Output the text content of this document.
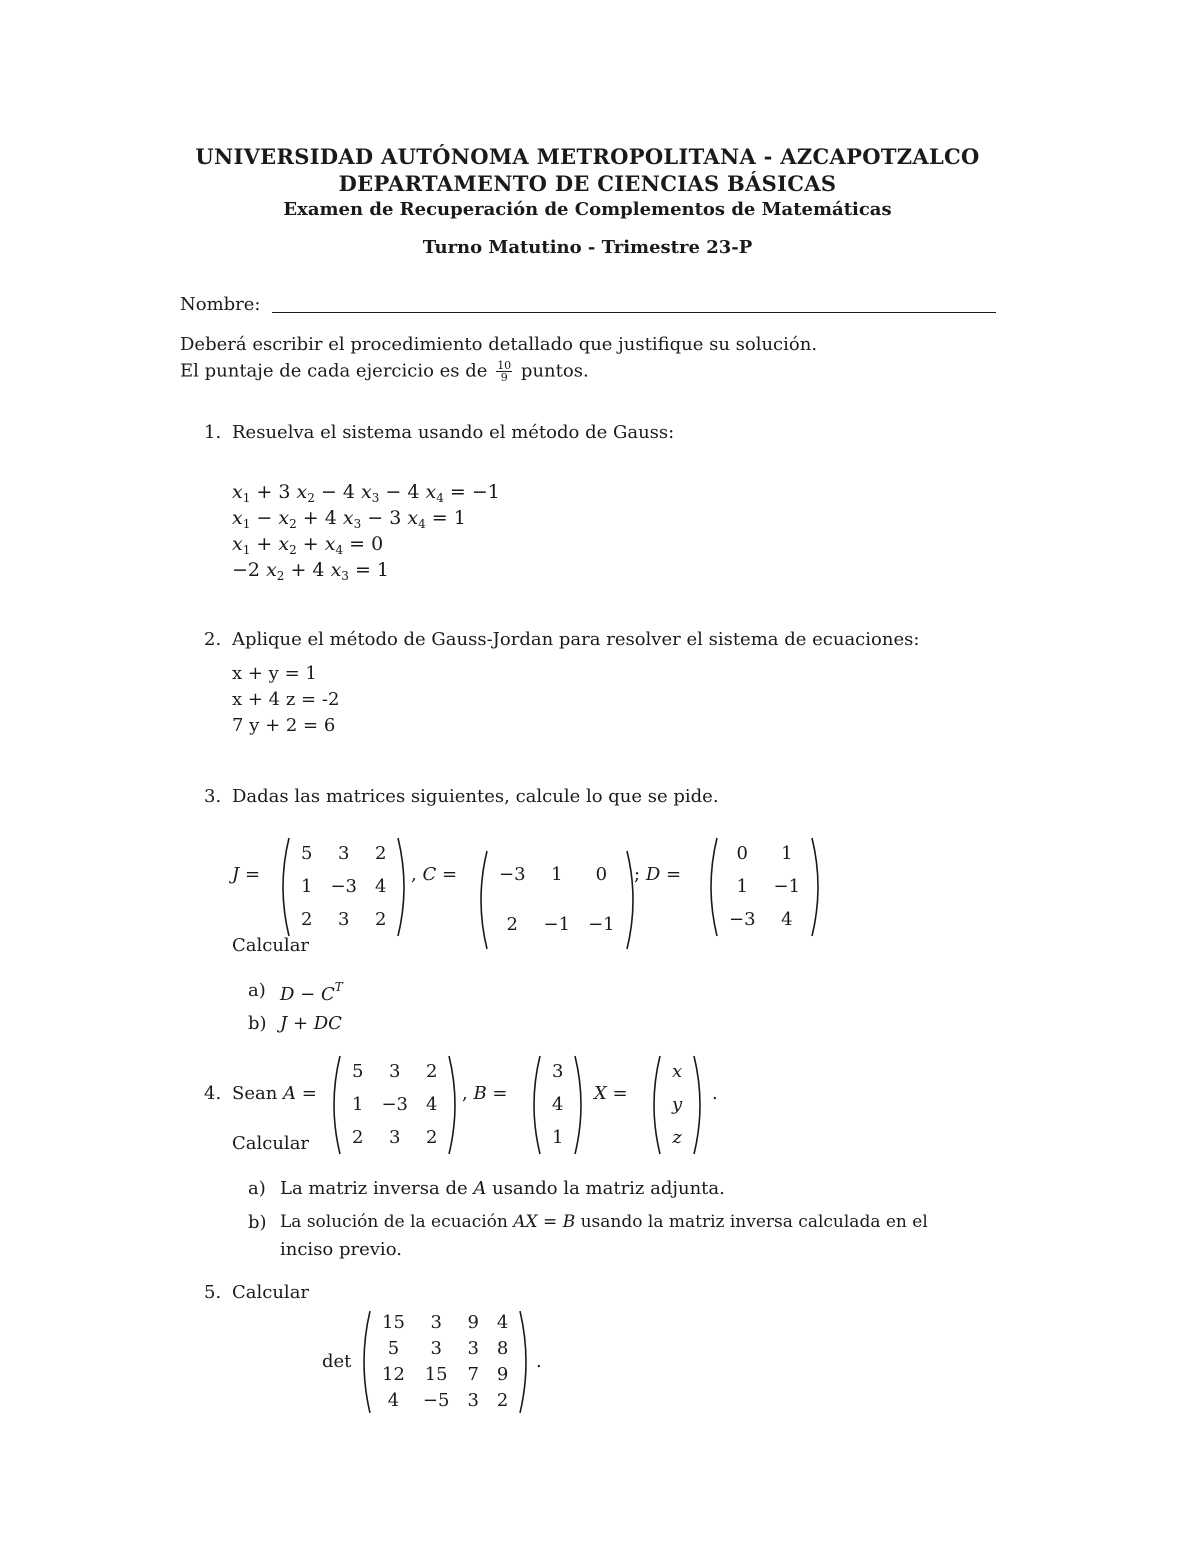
UNIVERSIDAD AUTÓNOMA METROPOLITANA - AZCAPOTZALCO
DEPARTAMENTO DE CIENCIAS BÁSICAS
Examen de Recuperación de Complementos de Matemáticas
Turno Matutino - Trimestre 23-P
Nombre:
Deberá escribir el procedimiento detallado que justifique su solución.
El puntaje de cada ejercicio es de $\frac{10}{9}$ puntos.
1. Resuelva el sistema usando el método de Gauss:
$x_1 + 3$ $x_2 - 4$ $x_3 - 4$ $x_4 = -1$
$x_1 - x_2 + 4$ $x_3 - 3$ $x_4 = 1$
$x_1 + x_2 + x_4 = 0$
−2 $x_2 + 4$ $x_3 = 1$
2. Aplique el método de Gauss-Jordan para resolver el sistema de ecuaciones:
x + y = 1
x + 4 z = -2
7 y + 2 = 6
3. Dadas las matrices siguientes, calcule lo que se pide.
J =
5	3	2
1	−3	4
2	3	2
, C = −3	1	0
2	−1	−1
; D =
0	1
1	−1
−3	4
Calcular
a) $D - C^T$
b) J + DC
4. Sean A =
5	3	2
1	−3	4
2	3	2
, B =
3
4
1
X =
x
y
z
.
Calcular
a) La matriz inversa de A usando la matriz adjunta.
b) La solución de la ecuación AX = B usando la matriz inversa calculada en el
inciso previo.
5. Calcular
det
15	3	9	4
5	3	3	8
12	15	7	9
4	−5	3	2
.
